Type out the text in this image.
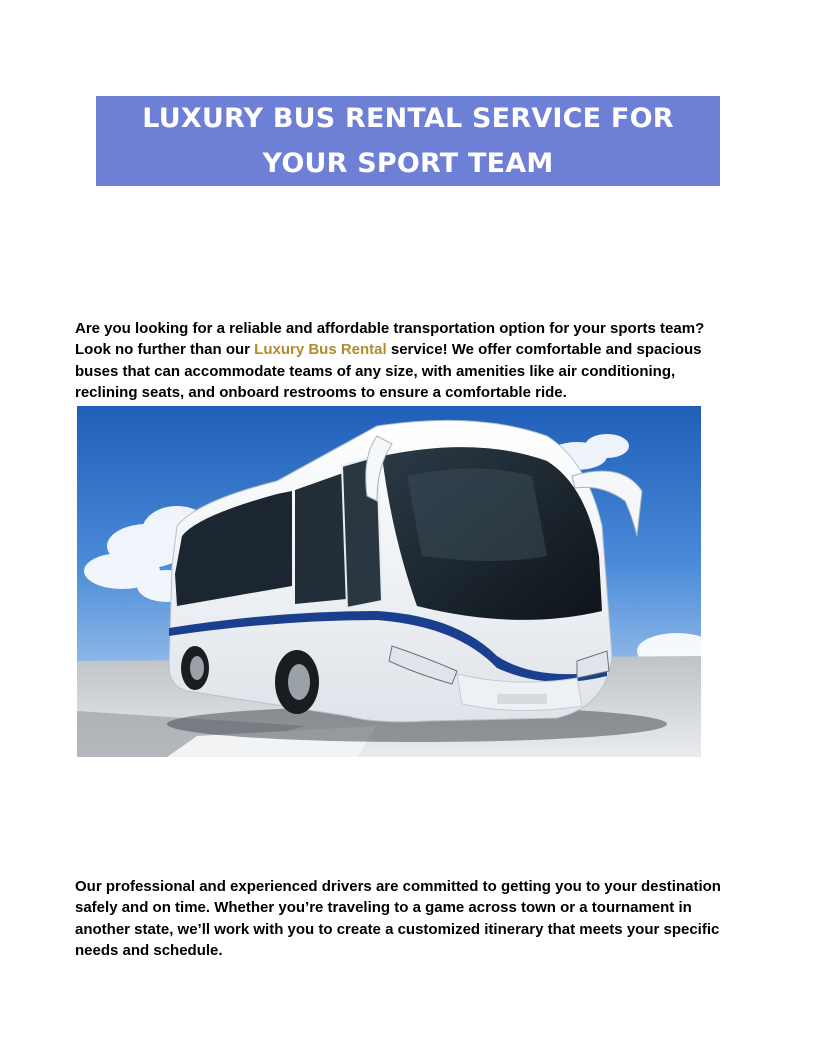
LUXURY BUS RENTAL SERVICE FOR
YOUR SPORT TEAM

Are you looking for a reliable and affordable transportation option for your sports team? Look no further than our Luxury Bus Rental service! We offer comfortable and spacious buses that can accommodate teams of any size, with amenities like air conditioning, reclining seats, and onboard restrooms to ensure a comfortable ride.

Our professional and experienced drivers are committed to getting you to your destination safely and on time. Whether you’re traveling to a game across town or a tournament in another state, we’ll work with you to create a customized itinerary that meets your specific needs and schedule.
